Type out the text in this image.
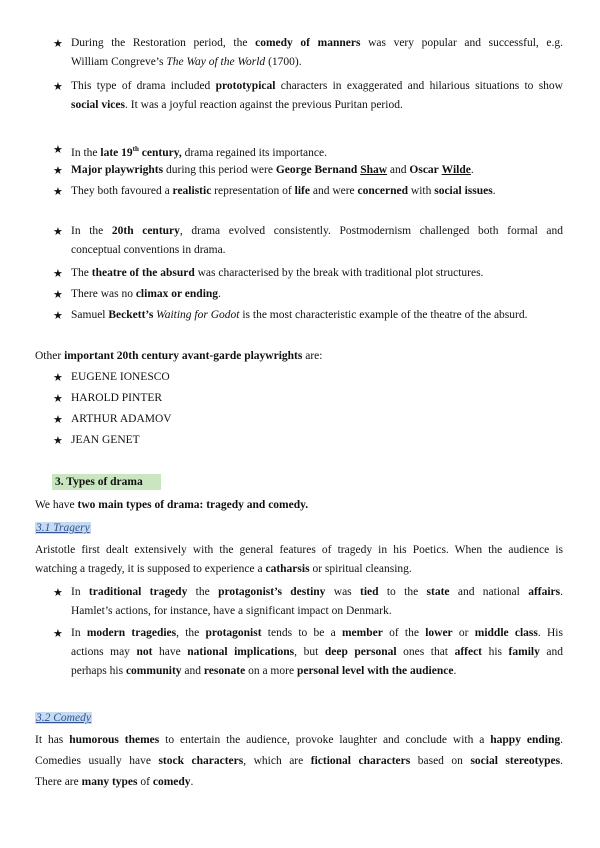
★ During the Restoration period, the comedy of manners was very popular and successful, e.g.
William Congreve’s The Way of the World (1700).
★ This type of drama included prototypical characters in exaggerated and hilarious situations to show
social vices. It was a joyful reaction against the previous Puritan period.
★ In the late 19th century, drama regained its importance.
★ Major playwrights during this period were George Bernand Shaw and Oscar Wilde.
★ They both favoured a realistic representation of life and were concerned with social issues.
★ In the 20th century, drama evolved consistently. Postmodernism challenged both formal and
conceptual conventions in drama.
★ The theatre of the absurd was characterised by the break with traditional plot structures.
★ There was no climax or ending.
★ Samuel Beckett’s Waiting for Godot is the most characteristic example of the theatre of the absurd.
Other important 20th century avant-garde playwrights are:
★ EUGENE IONESCO
★ HAROLD PINTER
★ ARTHUR ADAMOV
★ JEAN GENET
3. Types of drama
We have two main types of drama: tragedy and comedy.
3.1 Tragery
Aristotle first dealt extensively with the general features of tragedy in his Poetics. When the audience is
watching a tragedy, it is supposed to experience a catharsis or spiritual cleansing.
★ In traditional tragedy the protagonist’s destiny was tied to the state and national affairs.
Hamlet’s actions, for instance, have a significant impact on Denmark.
★ In modern tragedies, the protagonist tends to be a member of the lower or middle class. His
actions may not have national implications, but deep personal ones that affect his family and
perhaps his community and resonate on a more personal level with the audience.
3.2 Comedy
It has humorous themes to entertain the audience, provoke laughter and conclude with a happy ending.
Comedies usually have stock characters, which are fictional characters based on social stereotypes.
There are many types of comedy.
